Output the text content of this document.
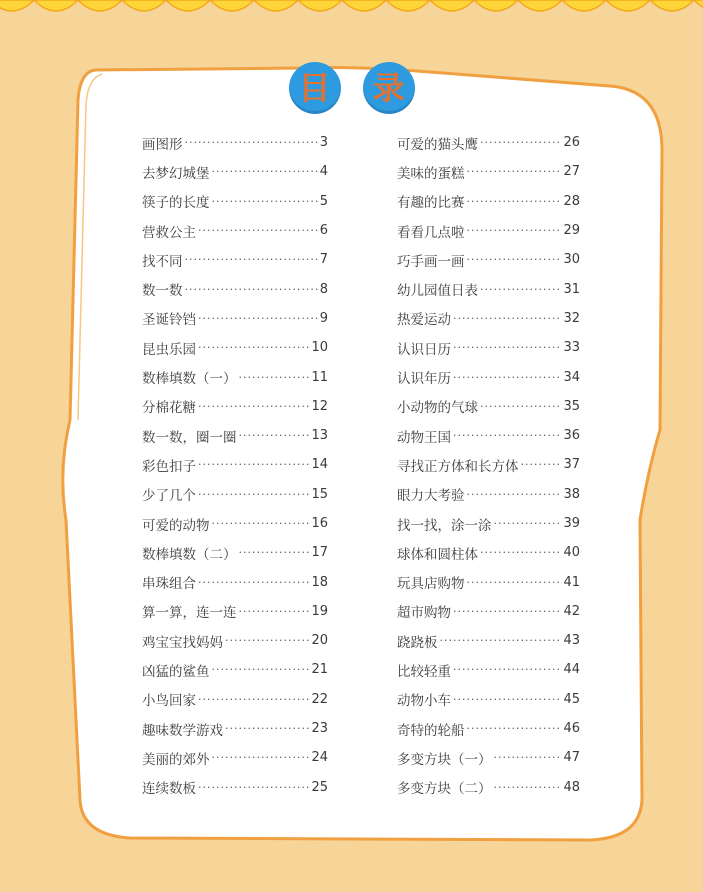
目 录
画图形 ·····	3
去梦幻城堡 ·····	4
筷子的长度 ·····	5
营救公主 ·····	6
找不同 ·····	7
数一数 ·····	8
圣诞铃铛 ·····	9
昆虫乐园 ·····	10
数棒填数（一） ·····	11
分棉花糖 ·····	12
数一数，圈一圈 ·····	13
彩色扣子 ·····	14
少了几个 ·····	15
可爱的动物 ·····	16
数棒填数（二） ·····	17
串珠组合 ·····	18
算一算，连一连 ·····	19
鸡宝宝找妈妈 ·····	20
凶猛的鲨鱼 ·····	21
小鸟回家 ·····	22
趣味数学游戏 ·····	23
美丽的郊外 ·····	24
连续数板 ·····	25
可爱的猫头鹰 ·····	26
美味的蛋糕 ·····	27
有趣的比赛 ·····	28
看看几点啦 ·····	29
巧手画一画 ·····	30
幼儿园值日表 ·····	31
热爱运动 ·····	32
认识日历 ·····	33
认识年历 ·····	34
小动物的气球 ·····	35
动物王国 ·····	36
寻找正方体和长方体 ·····	37
眼力大考验 ·····	38
找一找，涂一涂 ·····	39
球体和圆柱体 ·····	40
玩具店购物 ·····	41
超市购物 ·····	42
跷跷板 ·····	43
比较轻重 ·····	44
动物小车 ·····	45
奇特的轮船 ·····	46
多变方块（一） ·····	47
多变方块（二） ·····	48
